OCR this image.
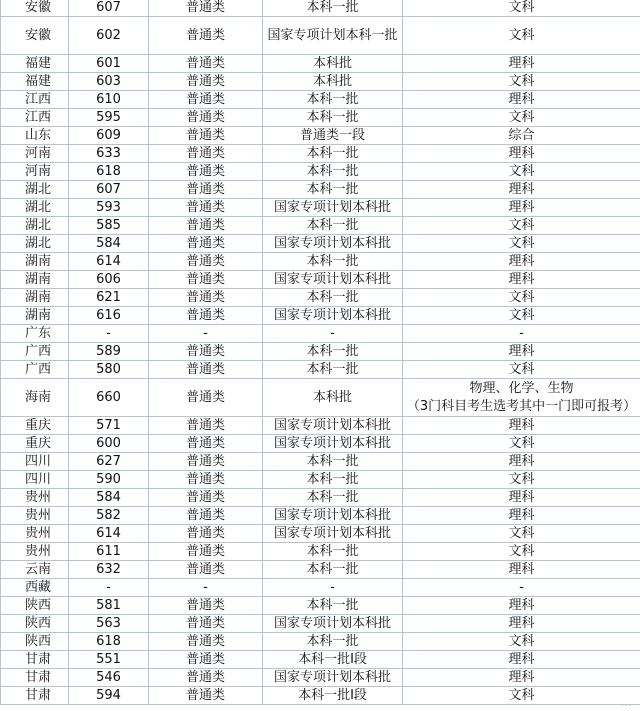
安徽	607	普通类	本科一批	文科
安徽	602	普通类	国家专项计划本科一批	文科
福建	601	普通类	本科批	理科
福建	603	普通类	本科批	文科
江西	610	普通类	本科一批	理科
江西	595	普通类	本科一批	文科
山东	609	普通类	普通类一段	综合
河南	633	普通类	本科一批	理科
河南	618	普通类	本科一批	文科
湖北	607	普通类	本科一批	理科
湖北	593	普通类	国家专项计划本科批	理科
湖北	585	普通类	本科一批	文科
湖北	584	普通类	国家专项计划本科批	文科
湖南	614	普通类	本科一批	理科
湖南	606	普通类	国家专项计划本科批	理科
湖南	621	普通类	本科一批	文科
湖南	616	普通类	国家专项计划本科批	文科
广东	-	-	-	-
广西	589	普通类	本科一批	理科
广西	580	普通类	本科一批	文科
海南	660	普通类	本科批	物理、化学、生物
（3门科目考生选考其中一门即可报考）
重庆	571	普通类	国家专项计划本科批	理科
重庆	600	普通类	国家专项计划本科批	文科
四川	627	普通类	本科一批	理科
四川	590	普通类	本科一批	文科
贵州	584	普通类	本科一批	理科
贵州	582	普通类	国家专项计划本科批	理科
贵州	614	普通类	国家专项计划本科批	文科
贵州	611	普通类	本科一批	文科
云南	632	普通类	本科一批	理科
西藏	-	-	-	-
陕西	581	普通类	本科一批	理科
陕西	563	普通类	国家专项计划本科批	理科
陕西	618	普通类	本科一批	文科
甘肃	551	普通类	本科一批I段	理科
甘肃	546	普通类	国家专项计划本科批	理科
甘肃	594	普通类	本科一批I段	文科	…
